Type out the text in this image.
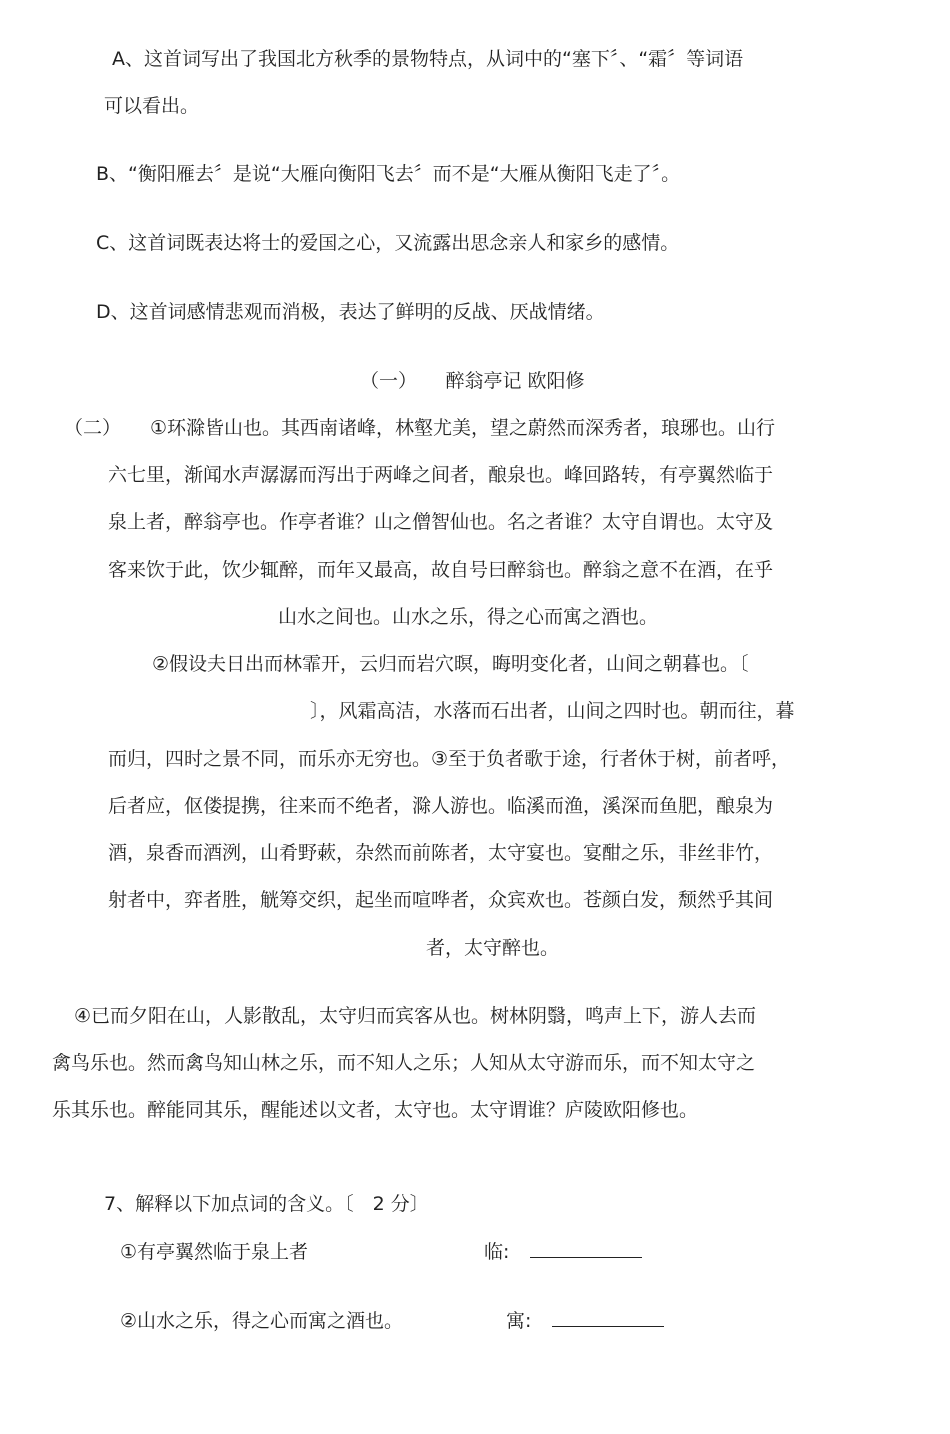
A、这首词写出了我国北方秋季的景物特点，从词中的“塞下〞、“霜〞等词语
可以看出。
B、“衡阳雁去〞是说“大雁向衡阳飞去〞而不是“大雁从衡阳飞走了〞。
C、这首词既表达将士的爱国之心，又流露出思念亲人和家乡的感情。
D、这首词感情悲观而消极，表达了鲜明的反战、厌战情绪。
（一）　　醉翁亭记 欧阳修
（二） ①环滁皆山也。其西南诸峰，林壑尤美，望之蔚然而深秀者，琅琊也。山行
六七里，渐闻水声潺潺而泻出于两峰之间者，酿泉也。峰回路转，有亭翼然临于
泉上者，醉翁亭也。作亭者谁？山之僧智仙也。名之者谁？太守自谓也。太守及
客来饮于此，饮少辄醉，而年又最高，故自号曰醉翁也。醉翁之意不在酒，在乎
山水之间也。山水之乐，得之心而寓之酒也。
②假设夫日出而林霏开，云归而岩穴暝，晦明变化者，山间之朝暮也。〔
〕，风霜高洁，水落而石出者，山间之四时也。朝而往，暮
而归，四时之景不同，而乐亦无穷也。③至于负者歌于途，行者休于树，前者呼，
后者应，伛偻提携，往来而不绝者，滁人游也。临溪而渔，溪深而鱼肥，酿泉为
酒，泉香而酒洌，山肴野蔌，杂然而前陈者，太守宴也。宴酣之乐，非丝非竹，
射者中，弈者胜，觥筹交织，起坐而喧哗者，众宾欢也。苍颜白发，颓然乎其间
者，太守醉也。
④已而夕阳在山，人影散乱，太守归而宾客从也。树林阴翳，鸣声上下，游人去而
禽鸟乐也。然而禽鸟知山林之乐，而不知人之乐；人知从太守游而乐，而不知太守之
乐其乐也。醉能同其乐，醒能述以文者，太守也。太守谓谁？庐陵欧阳修也。
7、解释以下加点词的含义。〔　2 分〕
①有亭翼然临于泉上者	临:
②山水之乐，得之心而寓之酒也。	寓:
